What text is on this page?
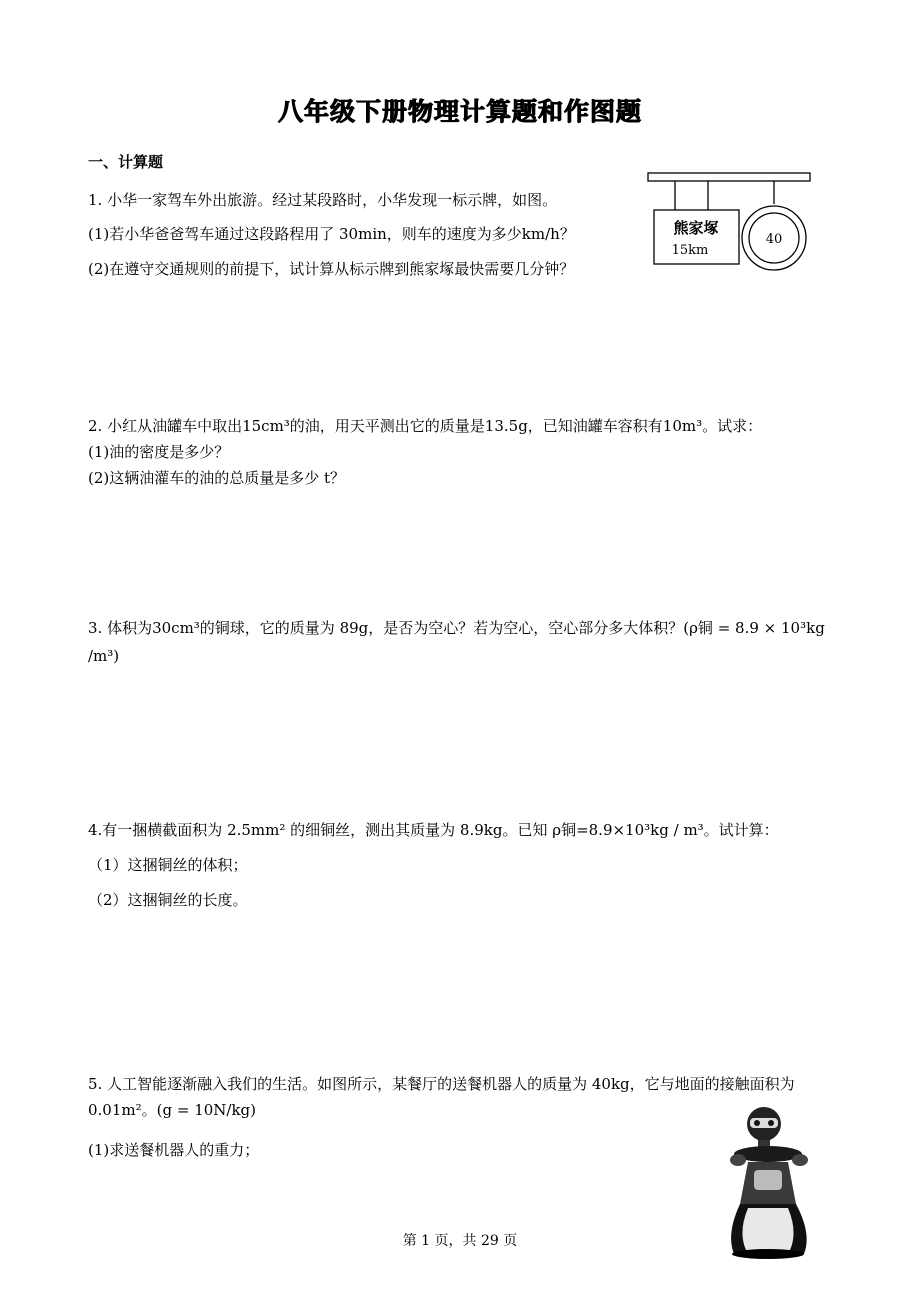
八年级下册物理计算题和作图题
一、计算题
1. 小华一家驾车外出旅游。经过某段路时，小华发现一标示牌，如图。
(1)若小华爸爸驾车通过这段路程用了 30min，则车的速度为多少km/h？
(2)在遵守交通规则的前提下，试计算从标示牌到熊家塚最快需要几分钟？
熊家塚
15km
40
2. 小红从油罐车中取出15cm³的油，用天平测出它的质量是13.5g，已知油罐车容积有10m³。试求：
(1)油的密度是多少？
(2)这辆油灌车的油的总质量是多少 t？
3. 体积为30cm³的铜球，它的质量为 89g，是否为空心？若为空心，空心部分多大体积？(ρ铜 = 8.9 × 10³kg
/m³)
4.有一捆横截面积为 2.5mm² 的细铜丝，测出其质量为 8.9kg。已知 ρ铜=8.9×10³kg / m³。试计算：
（1）这捆铜丝的体积；
（2）这捆铜丝的长度。
5. 人工智能逐渐融入我们的生活。如图所示，某餐厅的送餐机器人的质量为 40kg，它与地面的接触面积为
0.01m²。(g = 10N/kg)
(1)求送餐机器人的重力；
第 1 页，共 29 页
